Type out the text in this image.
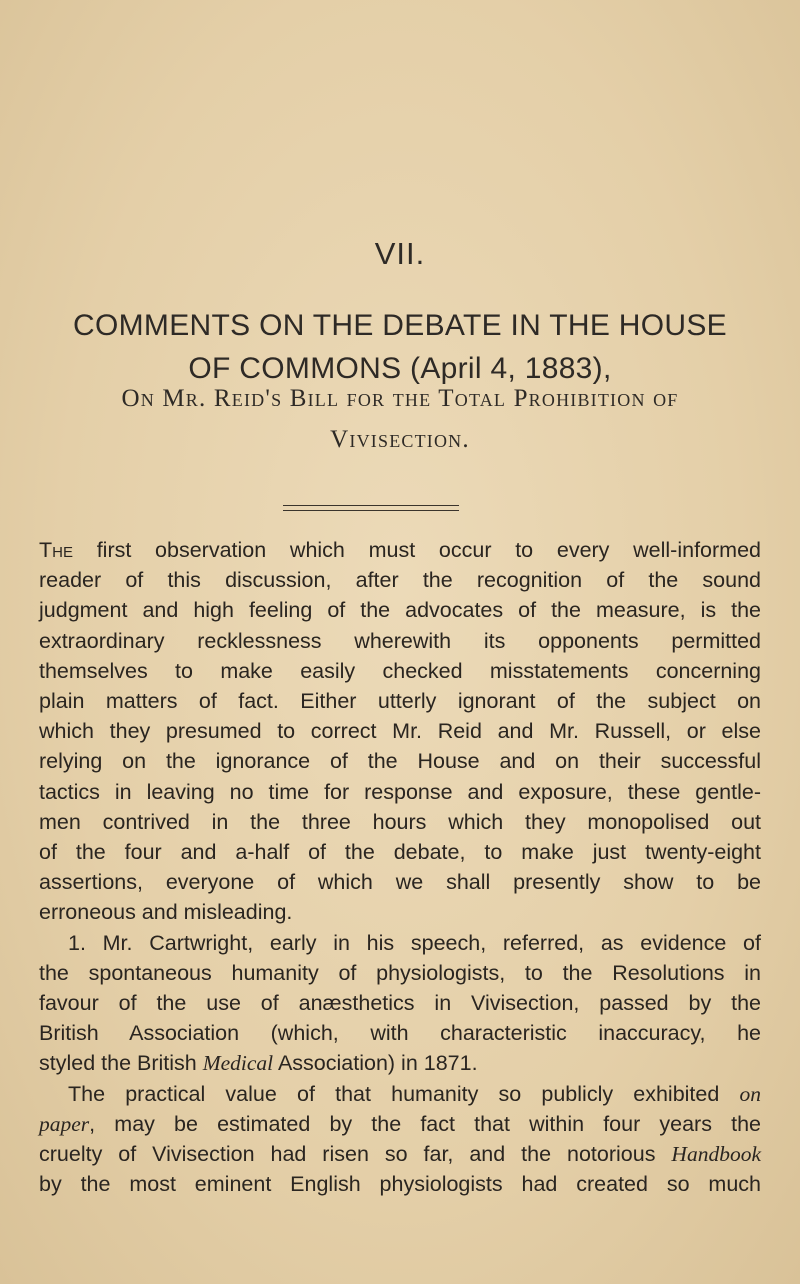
VII.
COMMENTS ON THE DEBATE IN THE HOUSE
OF COMMONS (April 4, 1883),
On Mr. Reid's Bill for the Total Prohibition of
Vivisection.
The first observation which must occur to every well-informed
reader of this discussion, after the recognition of the sound
judgment and high feeling of the advocates of the measure, is the
extraordinary recklessness wherewith its opponents permitted
themselves to make easily checked misstatements concerning
plain matters of fact. Either utterly ignorant of the subject on
which they presumed to correct Mr. Reid and Mr. Russell, or else
relying on the ignorance of the House and on their successful
tactics in leaving no time for response and exposure, these gentle-
men contrived in the three hours which they monopolised out
of the four and a-half of the debate, to make just twenty-eight
assertions, everyone of which we shall presently show to be
erroneous and misleading.
1. Mr. Cartwright, early in his speech, referred, as evidence of
the spontaneous humanity of physiologists, to the Resolutions in
favour of the use of anæsthetics in Vivisection, passed by the
British Association (which, with characteristic inaccuracy, he
styled the British Medical Association) in 1871.
The practical value of that humanity so publicly exhibited on
paper, may be estimated by the fact that within four years the
cruelty of Vivisection had risen so far, and the notorious Handbook
by the most eminent English physiologists had created so much
